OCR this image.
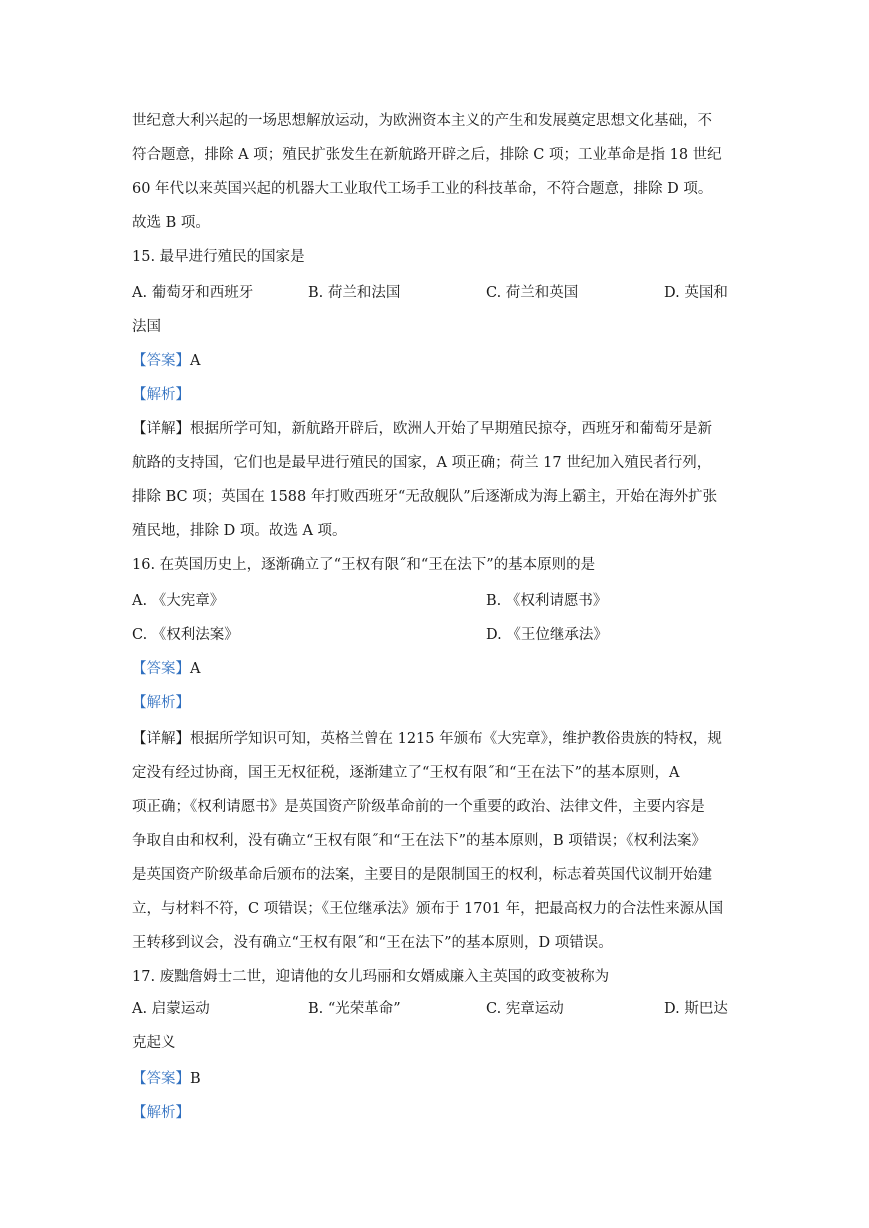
世纪意大利兴起的一场思想解放运动，为欧洲资本主义的产生和发展奠定思想文化基础，不
符合题意，排除 A 项；殖民扩张发生在新航路开辟之后，排除 C 项；工业革命是指 18 世纪
60 年代以来英国兴起的机器大工业取代工场手工业的科技革命，不符合题意，排除 D 项。
故选 B 项。
15. 最早进行殖民的国家是
A. 葡萄牙和西班牙	B. 荷兰和法国	C. 荷兰和英国	D. 英国和
法国
【答案】A
【解析】
【详解】根据所学可知，新航路开辟后，欧洲人开始了早期殖民掠夺，西班牙和葡萄牙是新
航路的支持国，它们也是最早进行殖民的国家，A 项正确；荷兰 17 世纪加入殖民者行列，
排除 BC 项；英国在 1588 年打败西班牙“无敌舰队”后逐渐成为海上霸主，开始在海外扩张
殖民地，排除 D 项。故选 A 项。
16. 在英国历史上，逐渐确立了“王权有限˝和“王在法下”的基本原则的是
A. 《大宪章》	B. 《权利请愿书》
C. 《权利法案》	D. 《王位继承法》
【答案】A
【解析】
【详解】根据所学知识可知，英格兰曾在 1215 年颁布《大宪章》，维护教俗贵族的特权，规
定没有经过协商，国王无权征税，逐渐建立了“王权有限˝和“王在法下”的基本原则，A
项正确；《权利请愿书》是英国资产阶级革命前的一个重要的政治、法律文件，主要内容是
争取自由和权利，没有确立“王权有限˝和“王在法下”的基本原则，B 项错误；《权利法案》
是英国资产阶级革命后颁布的法案，主要目的是限制国王的权利，标志着英国代议制开始建
立，与材料不符，C 项错误；《王位继承法》颁布于 1701 年，把最高权力的合法性来源从国
王转移到议会，没有确立“王权有限˝和“王在法下”的基本原则，D 项错误。
17. 废黜詹姆士二世，迎请他的女儿玛丽和女婿威廉入主英国的政变被称为
A. 启蒙运动	B. “光荣革命”	C. 宪章运动	D. 斯巴达
克起义
【答案】B
【解析】
